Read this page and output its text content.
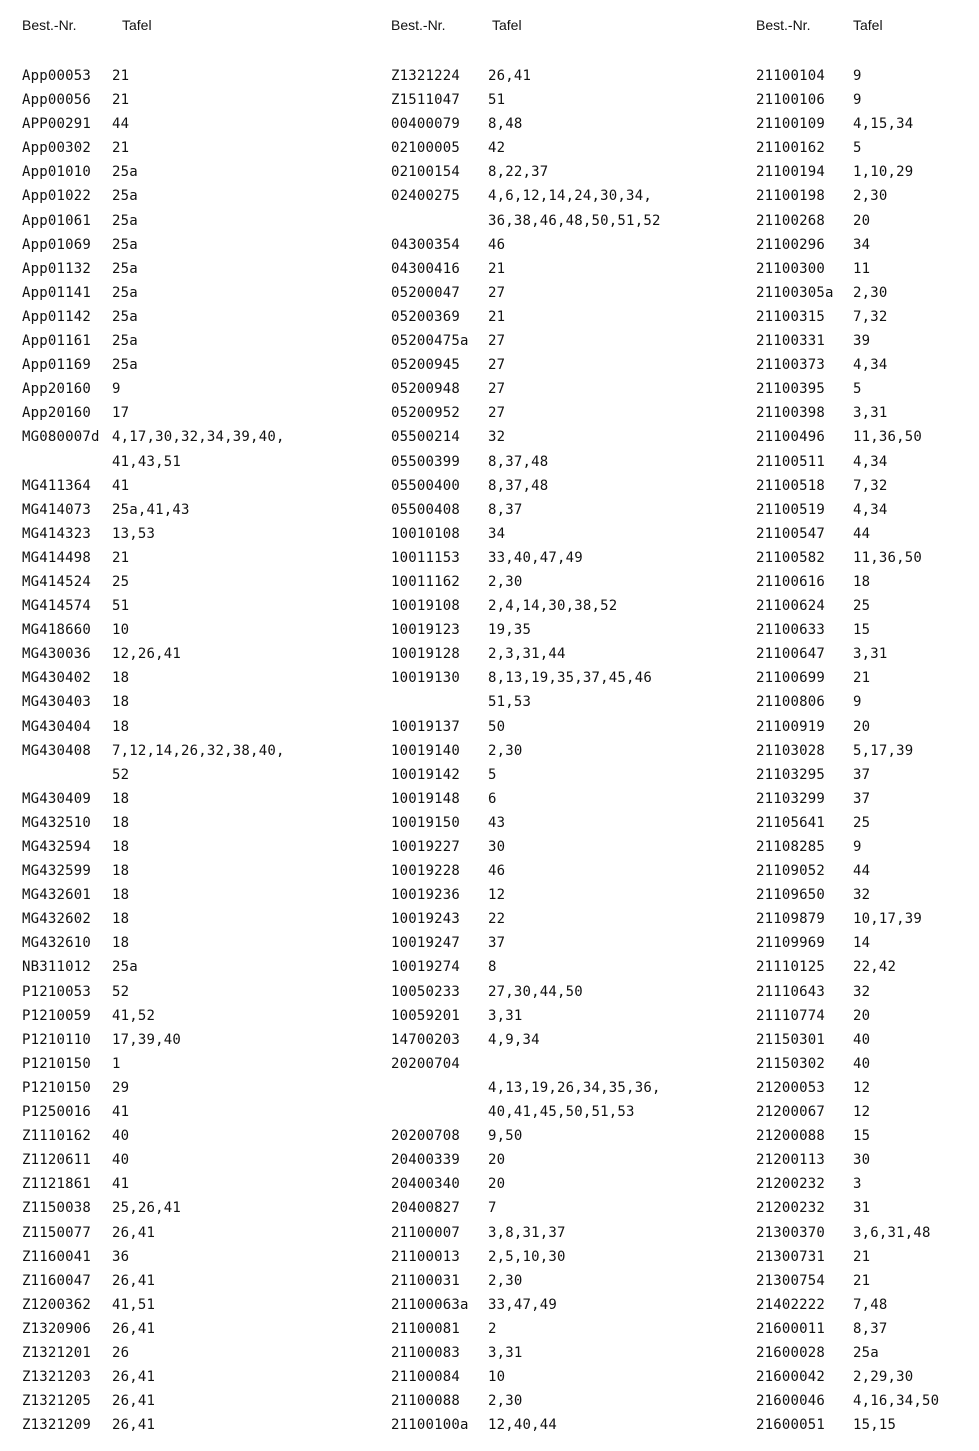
Best.-Nr.	Tafel
App00053 21
App00056 21
APP00291 44
App00302 21
App01010 25a
App01022 25a
App01061 25a
App01069 25a
App01132 25a
App01141 25a
App01142 25a
App01161 25a
App01169 25a
App20160 9
App20160 17
MG080007d 4,17,30,32,34,39,40,
41,43,51
MG411364 41
MG414073 25a,41,43
MG414323 13,53
MG414498 21
MG414524 25
MG414574 51
MG418660 10
MG430036 12,26,41
MG430402 18
MG430403 18
MG430404 18
MG430408 7,12,14,26,32,38,40,
52
MG430409 18
MG432510 18
MG432594 18
MG432599 18
MG432601 18
MG432602 18
MG432610 18
NB311012 25a
P1210053 52
P1210059 41,52
P1210110 17,39,40
P1210150 1
P1210150 29
P1250016 41
Z1110162 40
Z1120611 40
Z1121861 41
Z1150038 25,26,41
Z1150077 26,41
Z1160041 36
Z1160047 26,41
Z1200362 41,51
Z1320906 26,41
Z1321201 26
Z1321203 26,41
Z1321205 26,41
Z1321209 26,41
Best.-Nr.	Tafel
Z1321224 26,41
Z1511047 51
00400079 8,48
02100005 42
02100154 8,22,37
02400275 4,6,12,14,24,30,34,
36,38,46,48,50,51,52
04300354 46
04300416 21
05200047 27
05200369 21
05200475a 27
05200945 27
05200948 27
05200952 27
05500214 32
05500399 8,37,48
05500400 8,37,48
05500408 8,37
10010108 34
10011153 33,40,47,49
10011162 2,30
10019108 2,4,14,30,38,52
10019123 19,35
10019128 2,3,31,44
10019130 8,13,19,35,37,45,46
51,53
10019137 50
10019140 2,30
10019142 5
10019148 6
10019150 43
10019227 30
10019228 46
10019236 12
10019243 22
10019247 37
10019274 8
10050233 27,30,44,50
10059201 3,31
14700203 4,9,34
20200704
4,13,19,26,34,35,36,
40,41,45,50,51,53
20200708 9,50
20400339 20
20400340 20
20400827 7
21100007 3,8,31,37
21100013 2,5,10,30
21100031 2,30
21100063a 33,47,49
21100081 2
21100083 3,31
21100084 10
21100088 2,30
21100100a 12,40,44
Best.-Nr.	Tafel
21100104 9
21100106 9
21100109 4,15,34
21100162 5
21100194 1,10,29
21100198 2,30
21100268 20
21100296 34
21100300 11
21100305a 2,30
21100315 7,32
21100331 39
21100373 4,34
21100395 5
21100398 3,31
21100496 11,36,50
21100511 4,34
21100518 7,32
21100519 4,34
21100547 44
21100582 11,36,50
21100616 18
21100624 25
21100633 15
21100647 3,31
21100699 21
21100806 9
21100919 20
21103028 5,17,39
21103295 37
21103299 37
21105641 25
21108285 9
21109052 44
21109650 32
21109879 10,17,39
21109969 14
21110125 22,42
21110643 32
21110774 20
21150301 40
21150302 40
21200053 12
21200067 12
21200088 15
21200113 30
21200232 3
21200232 31
21300370 3,6,31,48
21300731 21
21300754 21
21402222 7,48
21600011 8,37
21600028 25a
21600042 2,29,30
21600046 4,16,34,50
21600051 15,15
